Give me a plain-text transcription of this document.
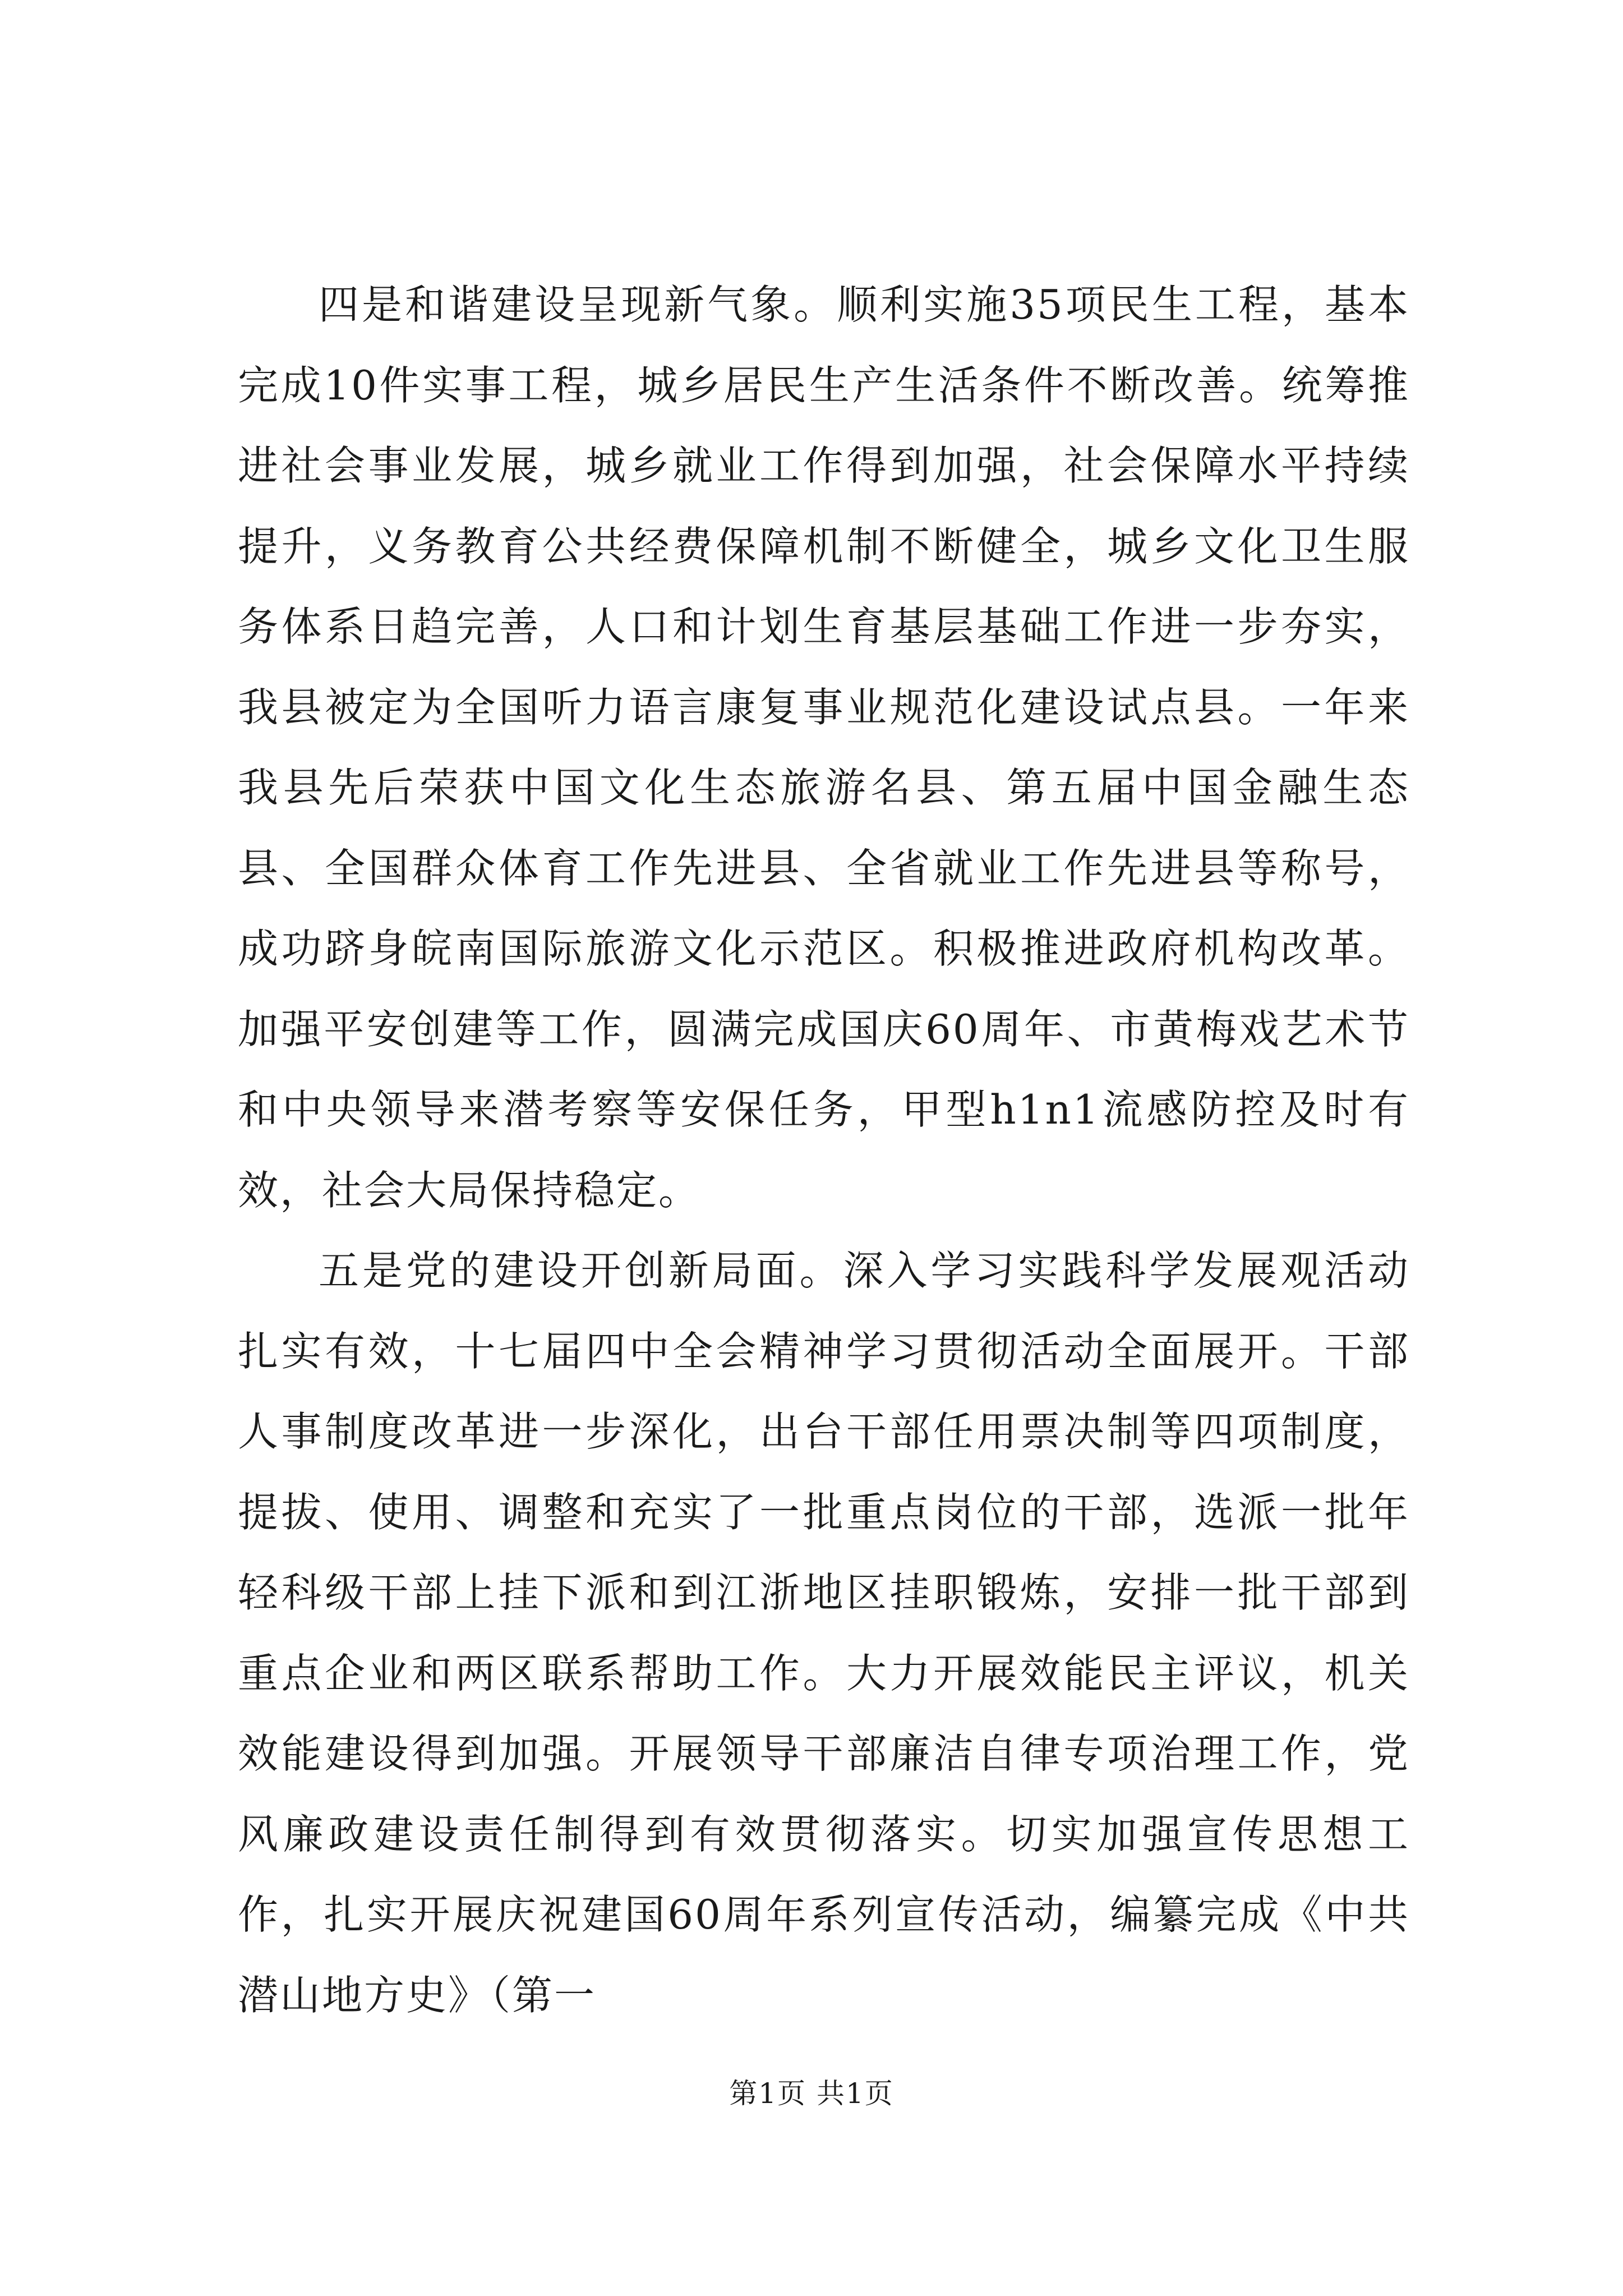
四是和谐建设呈现新气象。顺利实施35项民生工程，基本完成10件实事工程，城乡居民生产生活条件不断改善。统筹推进社会事业发展，城乡就业工作得到加强，社会保障水平持续提升，义务教育公共经费保障机制不断健全，城乡文化卫生服务体系日趋完善，人口和计划生育基层基础工作进一步夯实，我县被定为全国听力语言康复事业规范化建设试点县。一年来我县先后荣获中国文化生态旅游名县、第五届中国金融生态县、全国群众体育工作先进县、全省就业工作先进县等称号，成功跻身皖南国际旅游文化示范区。积极推进政府机构改革。加强平安创建等工作，圆满完成国庆60周年、市黄梅戏艺术节和中央领导来潜考察等安保任务，甲型h1n1流感防控及时有效，社会大局保持稳定。

五是党的建设开创新局面。深入学习实践科学发展观活动扎实有效，十七届四中全会精神学习贯彻活动全面展开。干部人事制度改革进一步深化，出台干部任用票决制等四项制度，提拔、使用、调整和充实了一批重点岗位的干部，选派一批年轻科级干部上挂下派和到江浙地区挂职锻炼，安排一批干部到重点企业和两区联系帮助工作。大力开展效能民主评议，机关效能建设得到加强。开展领导干部廉洁自律专项治理工作，党风廉政建设责任制得到有效贯彻落实。切实加强宣传思想工作，扎实开展庆祝建国60周年系列宣传活动，编纂完成《中共潜山地方史》（第一

第1页 共1页
